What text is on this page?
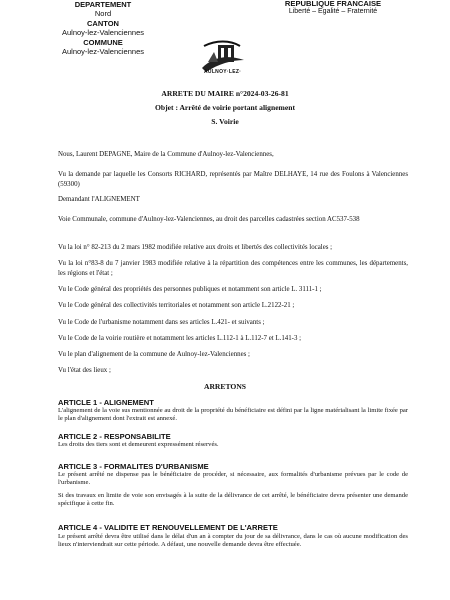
DEPARTEMENT
Nord
CANTON
Aulnoy-lez-Valenciennes
COMMUNE
Aulnoy-lez-Valenciennes
REPUBLIQUE FRANCAISE
Liberté – Egalité – Fraternité
AULNOY·LEZ·
ARRETE DU MAIRE n°2024-03-26-81
Objet : Arrêté de voirie portant alignement
S. Voirie
Nous, Laurent DEPAGNE, Maire de la Commune d'Aulnoy-lez-Valenciennes,
Vu la demande par laquelle les Consorts RICHARD, représentés par Maître DELHAYE, 14 rue des Foulons à Valenciennes (59300)
Demandant l'ALIGNEMENT
Voie Communale, commune d'Aulnoy-lez-Valenciennes, au droit des parcelles cadastrées section AC537-538
Vu la loi n° 82-213 du 2 mars 1982 modifiée relative aux droits et libertés des collectivités locales ;
Vu la loi n°83-8 du 7 janvier 1983 modifiée relative à la répartition des compétences entre les communes, les départements, les régions et l'état ;
Vu le Code général des propriétés des personnes publiques et notamment son article L. 3111-1 ;
Vu le Code général des collectivités territoriales et notamment son article L.2122-21 ;
Vu le Code de l'urbanisme notamment dans ses articles L.421- et suivants ;
Vu le Code de la voirie routière et notamment les articles L.112-1 à L.112-7 et L.141-3 ;
Vu le plan d'alignement de la commune de Aulnoy-lez-Valenciennes ;
Vu l'état des lieux ;
ARRETONS
ARTICLE 1 - ALIGNEMENT
L'alignement de la voie sus mentionnée au droit de la propriété du bénéficiaire est défini par la ligne matérialisant la limite fixée par le plan d'alignement dont l'extrait est annexé.
ARTICLE 2 - RESPONSABILITE
Les droits des tiers sont et demeurent expressément réservés.
ARTICLE 3 - FORMALITES D'URBANISME
Le présent arrêté ne dispense pas le bénéficiaire de procéder, si nécessaire, aux formalités d'urbanisme prévues par le code de l'urbanisme.
Si des travaux en limite de voie son envisagés à la suite de la délivrance de cet arrêté, le bénéficiaire devra présenter une demande spécifique à cette fin.
ARTICLE 4 - VALIDITE ET RENOUVELLEMENT DE L'ARRETE
Le présent arrêté devra être utilisé dans le délai d'un an à compter du jour de sa délivrance, dans le cas où aucune modification des lieux n'interviendrait sur cette période. A défaut, une nouvelle demande devra être effectuée.
